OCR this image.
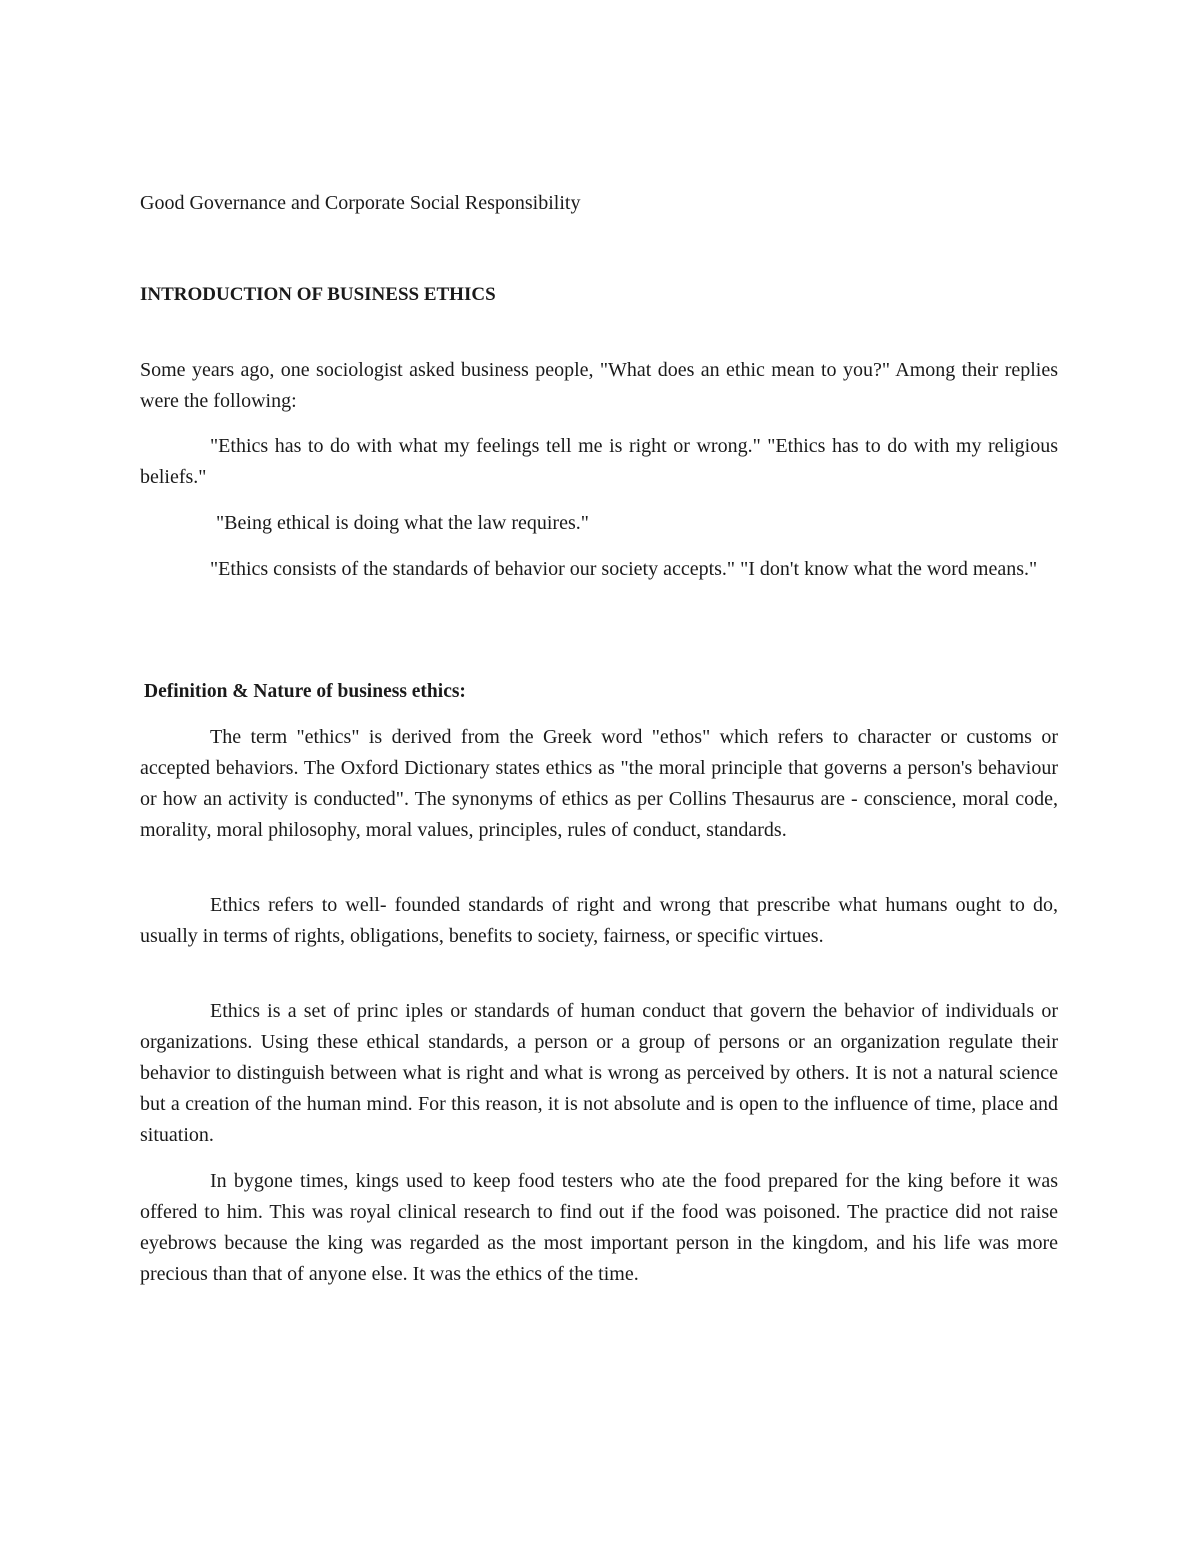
Good Governance and Corporate Social Responsibility

INTRODUCTION OF BUSINESS ETHICS

Some years ago, one sociologist asked business people, "What does an ethic mean to you?" Among their replies were the following:

"Ethics has to do with what my feelings tell me is right or wrong." "Ethics has to do with my religious beliefs."

"Being ethical is doing what the law requires."

"Ethics consists of the standards of behavior our society accepts." "I don't know what the word means."

Definition & Nature of business ethics:

The term "ethics" is derived from the Greek word "ethos" which refers to character or customs or accepted behaviors. The Oxford Dictionary states ethics as "the moral principle that governs a person's behaviour or how an activity is conducted". The synonyms of ethics as per Collins Thesaurus are - conscience, moral code, morality, moral philosophy, moral values, principles, rules of conduct, standards.

Ethics refers to well- founded standards of right and wrong that prescribe what humans ought to do, usually in terms of rights, obligations, benefits to society, fairness, or specific virtues.

Ethics is a set of princ iples or standards of human conduct that govern the behavior of individuals or organizations. Using these ethical standards, a person or a group of persons or an organization regulate their behavior to distinguish between what is right and what is wrong as perceived by others. It is not a natural science but a creation of the human mind. For this reason, it is not absolute and is open to the influence of time, place and situation.

In bygone times, kings used to keep food testers who ate the food prepared for the king before it was offered to him. This was royal clinical research to find out if the food was poisoned. The practice did not raise eyebrows because the king was regarded as the most important person in the kingdom, and his life was more precious than that of anyone else. It was the ethics of the time.
